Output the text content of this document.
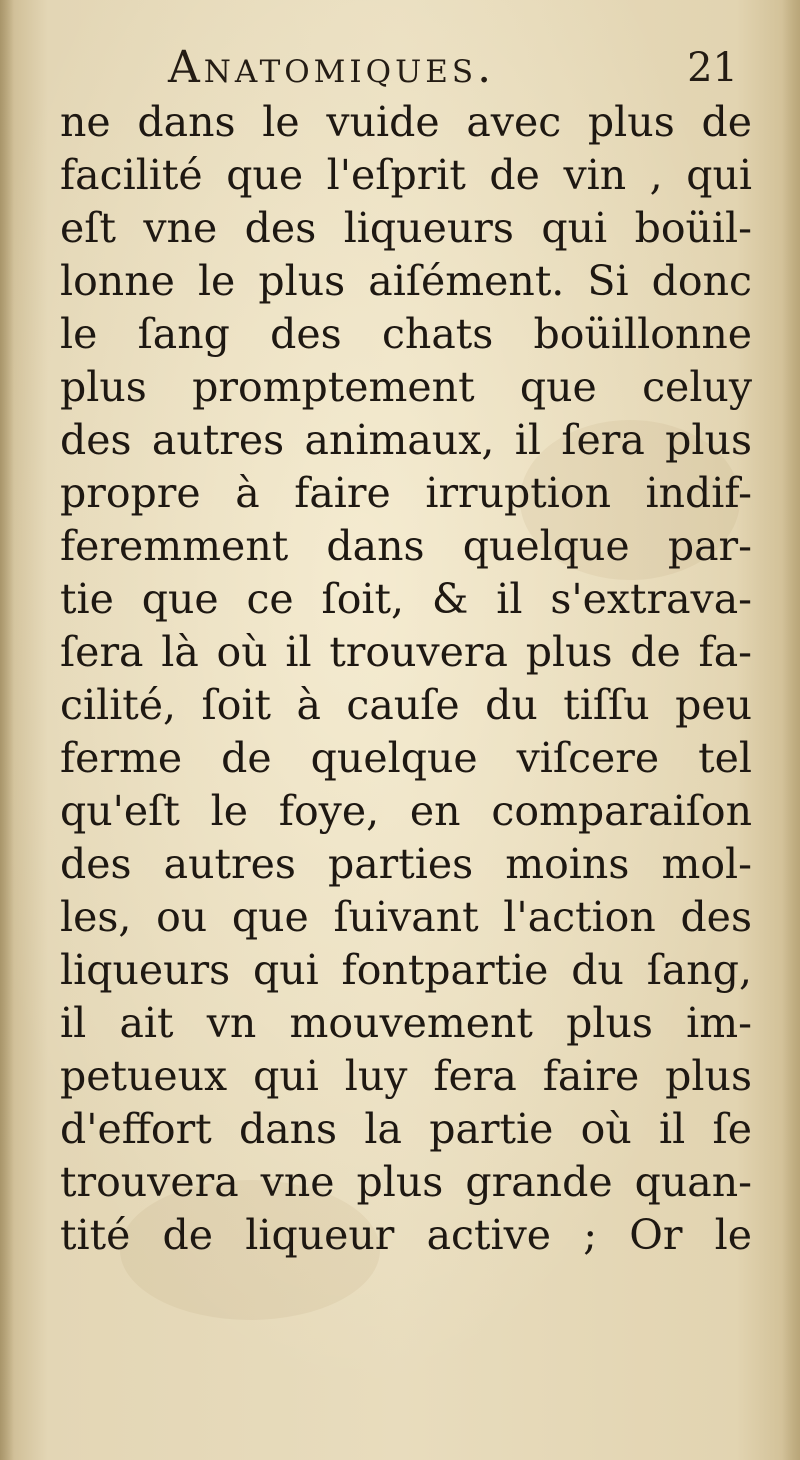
Anatomiques.	21
ne dans le vuide avec plus de
facilité que l'eſprit de vin , qui
eſt vne des liqueurs qui boüil-
lonne le plus aiſément. Si donc
le ſang des chats boüillonne
plus promptement que celuy
des autres animaux, il ſera plus
propre à faire irruption indif-
feremment dans quelque par-
tie que ce ſoit, & il s'extrava-
ſera là où il trouvera plus de fa-
cilité, ſoit à cauſe du tiſſu peu
ferme de quelque viſcere tel
qu'eſt le foye, en comparaiſon
des autres parties moins mol-
les, ou que ſuivant l'action des
liqueurs qui fontpartie du ſang,
il ait vn mouvement plus im-
petueux qui luy fera faire plus
d'effort dans la partie où il ſe
trouvera vne plus grande quan-
tité de liqueur active ; Or le
